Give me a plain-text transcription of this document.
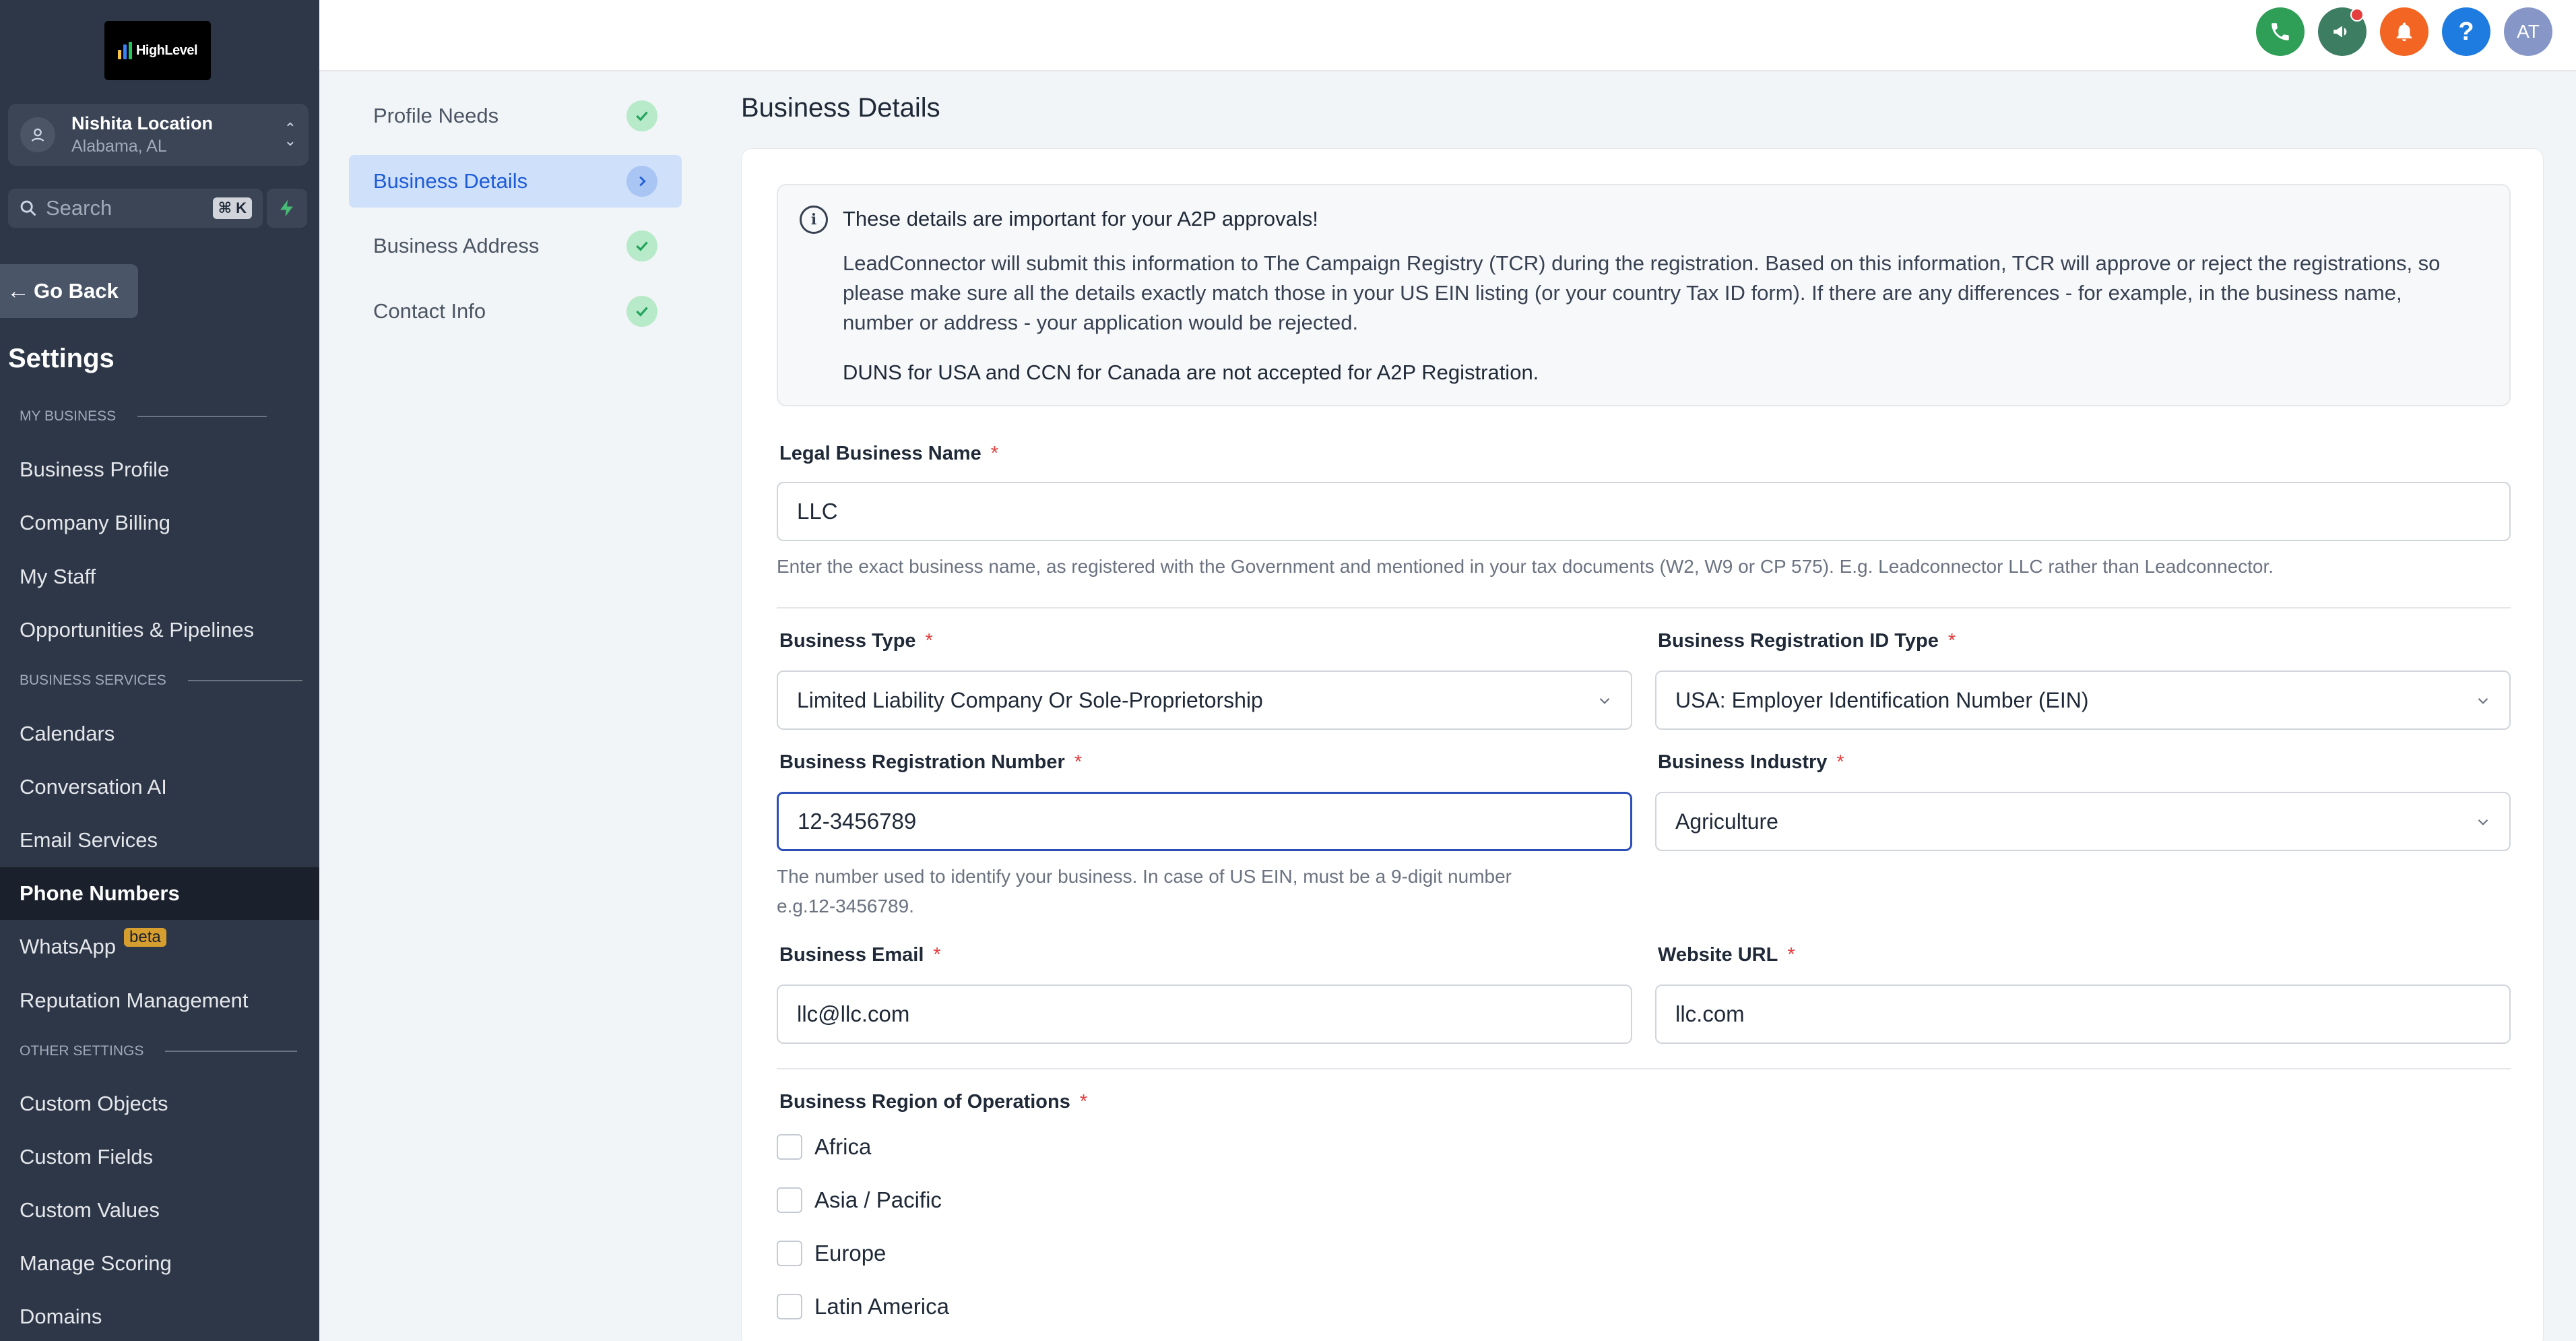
HighLevel
Nishita Location
Alabama, AL
⌃
⌄
Search	⌘ K
← Go Back
Settings
MY BUSINESS
Business Profile
Company Billing
My Staff
Opportunities & Pipelines
BUSINESS SERVICES
Calendars
Conversation AI
Email Services
Phone Numbers
WhatsApp beta
Reputation Management
OTHER SETTINGS
Custom Objects
Custom Fields
Custom Values
Manage Scoring
Domains
? AT
Profile Needs
Business Details
Business Address
Contact Info
Business Details
i	These details are important for your A2P approvals!
LeadConnector will submit this information to The Campaign Registry (TCR) during the registration. Based on this information, TCR will approve or reject the registrations, so please make sure all the details exactly match those in your US EIN listing (or your country Tax ID form). If there are any differences - for example, in the business name, number or address - your application would be rejected.
DUNS for USA and CCN for Canada are not accepted for A2P Registration.
Legal Business Name *
LLC
Enter the exact business name, as registered with the Government and mentioned in your tax documents (W2, W9 or CP 575). E.g. Leadconnector LLC rather than Leadconnector.
Business Type *
Limited Liability Company Or Sole-Proprietorship
Business Registration ID Type *
USA: Employer Identification Number (EIN)
Business Registration Number *
12-3456789
The number used to identify your business. In case of US EIN, must be a 9-digit number
e.g.12-3456789.
Business Industry *
Agriculture
Business Email *
llc@llc.com
Website URL *
llc.com
Business Region of Operations *
Africa
Asia / Pacific
Europe
Latin America
